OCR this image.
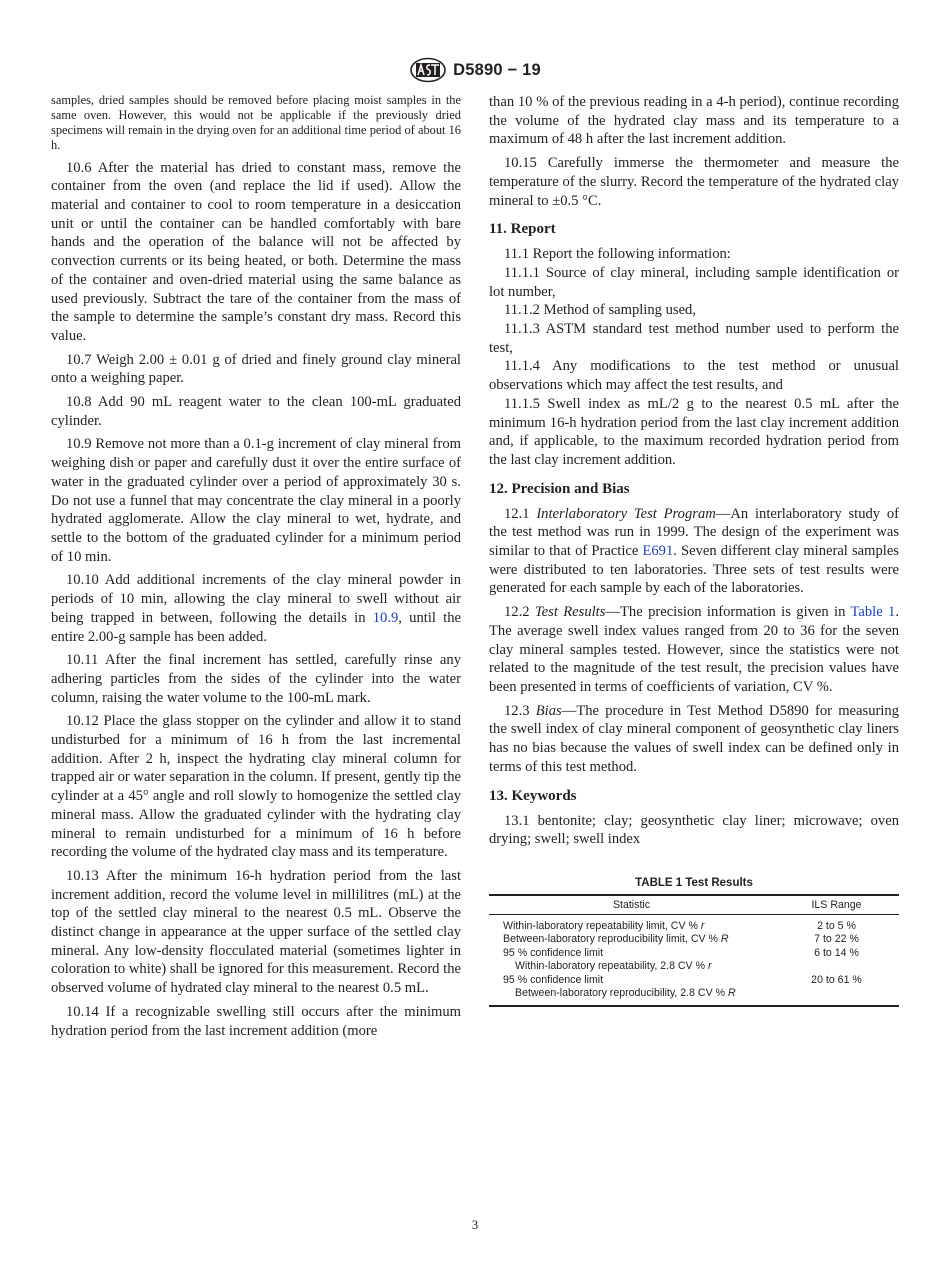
D5890 − 19

samples, dried samples should be removed before placing moist samples in the same oven. However, this would not be applicable if the previously dried specimens will remain in the drying oven for an additional time period of about 16 h.

10.6 After the material has dried to constant mass, remove the container from the oven (and replace the lid if used). Allow the material and container to cool to room temperature in a desiccation unit or until the container can be handled comfortably with bare hands and the operation of the balance will not be affected by convection currents or its being heated, or both. Determine the mass of the container and oven-dried material using the same balance as used previously. Subtract the tare of the container from the mass of the sample to determine the sample’s constant dry mass. Record this value.

10.7 Weigh 2.00 ± 0.01 g of dried and finely ground clay mineral onto a weighing paper.

10.8 Add 90 mL reagent water to the clean 100-mL graduated cylinder.

10.9 Remove not more than a 0.1-g increment of clay mineral from weighing dish or paper and carefully dust it over the entire surface of water in the graduated cylinder over a period of approximately 30 s. Do not use a funnel that may concentrate the clay mineral in a poorly hydrated agglomerate. Allow the clay mineral to wet, hydrate, and settle to the bottom of the graduated cylinder for a minimum period of 10 min.

10.10 Add additional increments of the clay mineral powder in periods of 10 min, allowing the clay mineral to swell without air being trapped in between, following the details in 10.9, until the entire 2.00-g sample has been added.

10.11 After the final increment has settled, carefully rinse any adhering particles from the sides of the cylinder into the water column, raising the water volume to the 100-mL mark.

10.12 Place the glass stopper on the cylinder and allow it to stand undisturbed for a minimum of 16 h from the last incremental addition. After 2 h, inspect the hydrating clay mineral column for trapped air or water separation in the column. If present, gently tip the cylinder at a 45° angle and roll slowly to homogenize the settled clay mineral mass. Allow the graduated cylinder with the hydrating clay mineral to remain undisturbed for a minimum of 16 h before recording the volume of the hydrated clay mass and its temperature.

10.13 After the minimum 16-h hydration period from the last increment addition, record the volume level in millilitres (mL) at the top of the settled clay mineral to the nearest 0.5 mL. Observe the distinct change in appearance at the upper surface of the settled clay mineral. Any low-density flocculated material (sometimes lighter in coloration to white) shall be ignored for this measurement. Record the observed volume of hydrated clay mineral to the nearest 0.5 mL.

10.14 If a recognizable swelling still occurs after the minimum hydration period from the last increment addition (more

than 10 % of the previous reading in a 4-h period), continue recording the volume of the hydrated clay mass and its temperature to a maximum of 48 h after the last increment addition.

10.15 Carefully immerse the thermometer and measure the temperature of the slurry. Record the temperature of the hydrated clay mineral to ±0.5 °C.

11. Report

11.1 Report the following information:

11.1.1 Source of clay mineral, including sample identification or lot number,

11.1.2 Method of sampling used,

11.1.3 ASTM standard test method number used to perform the test,

11.1.4 Any modifications to the test method or unusual observations which may affect the test results, and

11.1.5 Swell index as mL/2 g to the nearest 0.5 mL after the minimum 16-h hydration period from the last clay increment addition and, if applicable, to the maximum recorded hydration period from the last clay increment addition.

12. Precision and Bias

12.1 Interlaboratory Test Program—An interlaboratory study of the test method was run in 1999. The design of the experiment was similar to that of Practice E691. Seven different clay mineral samples were distributed to ten laboratories. Three sets of test results were generated for each sample by each of the laboratories.

12.2 Test Results—The precision information is given in Table 1. The average swell index values ranged from 20 to 36 for the seven clay mineral samples tested. However, since the statistics were not related to the magnitude of the test result, the precision values have been presented in terms of coefficients of variation, CV %.

12.3 Bias—The procedure in Test Method D5890 for measuring the swell index of clay mineral component of geosynthetic clay liners has no bias because the values of swell index can be defined only in terms of this test method.

13. Keywords

13.1 bentonite; clay; geosynthetic clay liner; microwave; oven drying; swell; swell index

TABLE 1 Test Results
Statistic	ILS Range
Within-laboratory repeatability limit, CV % r	2 to 5 %
Between-laboratory reproducibility limit, CV % R	7 to 22 %
95 % confidence limit
Within-laboratory repeatability, 2.8 CV % r	6 to 14 %
95 % confidence limit
Between-laboratory reproducibility, 2.8 CV % R	20 to 61 %
3
